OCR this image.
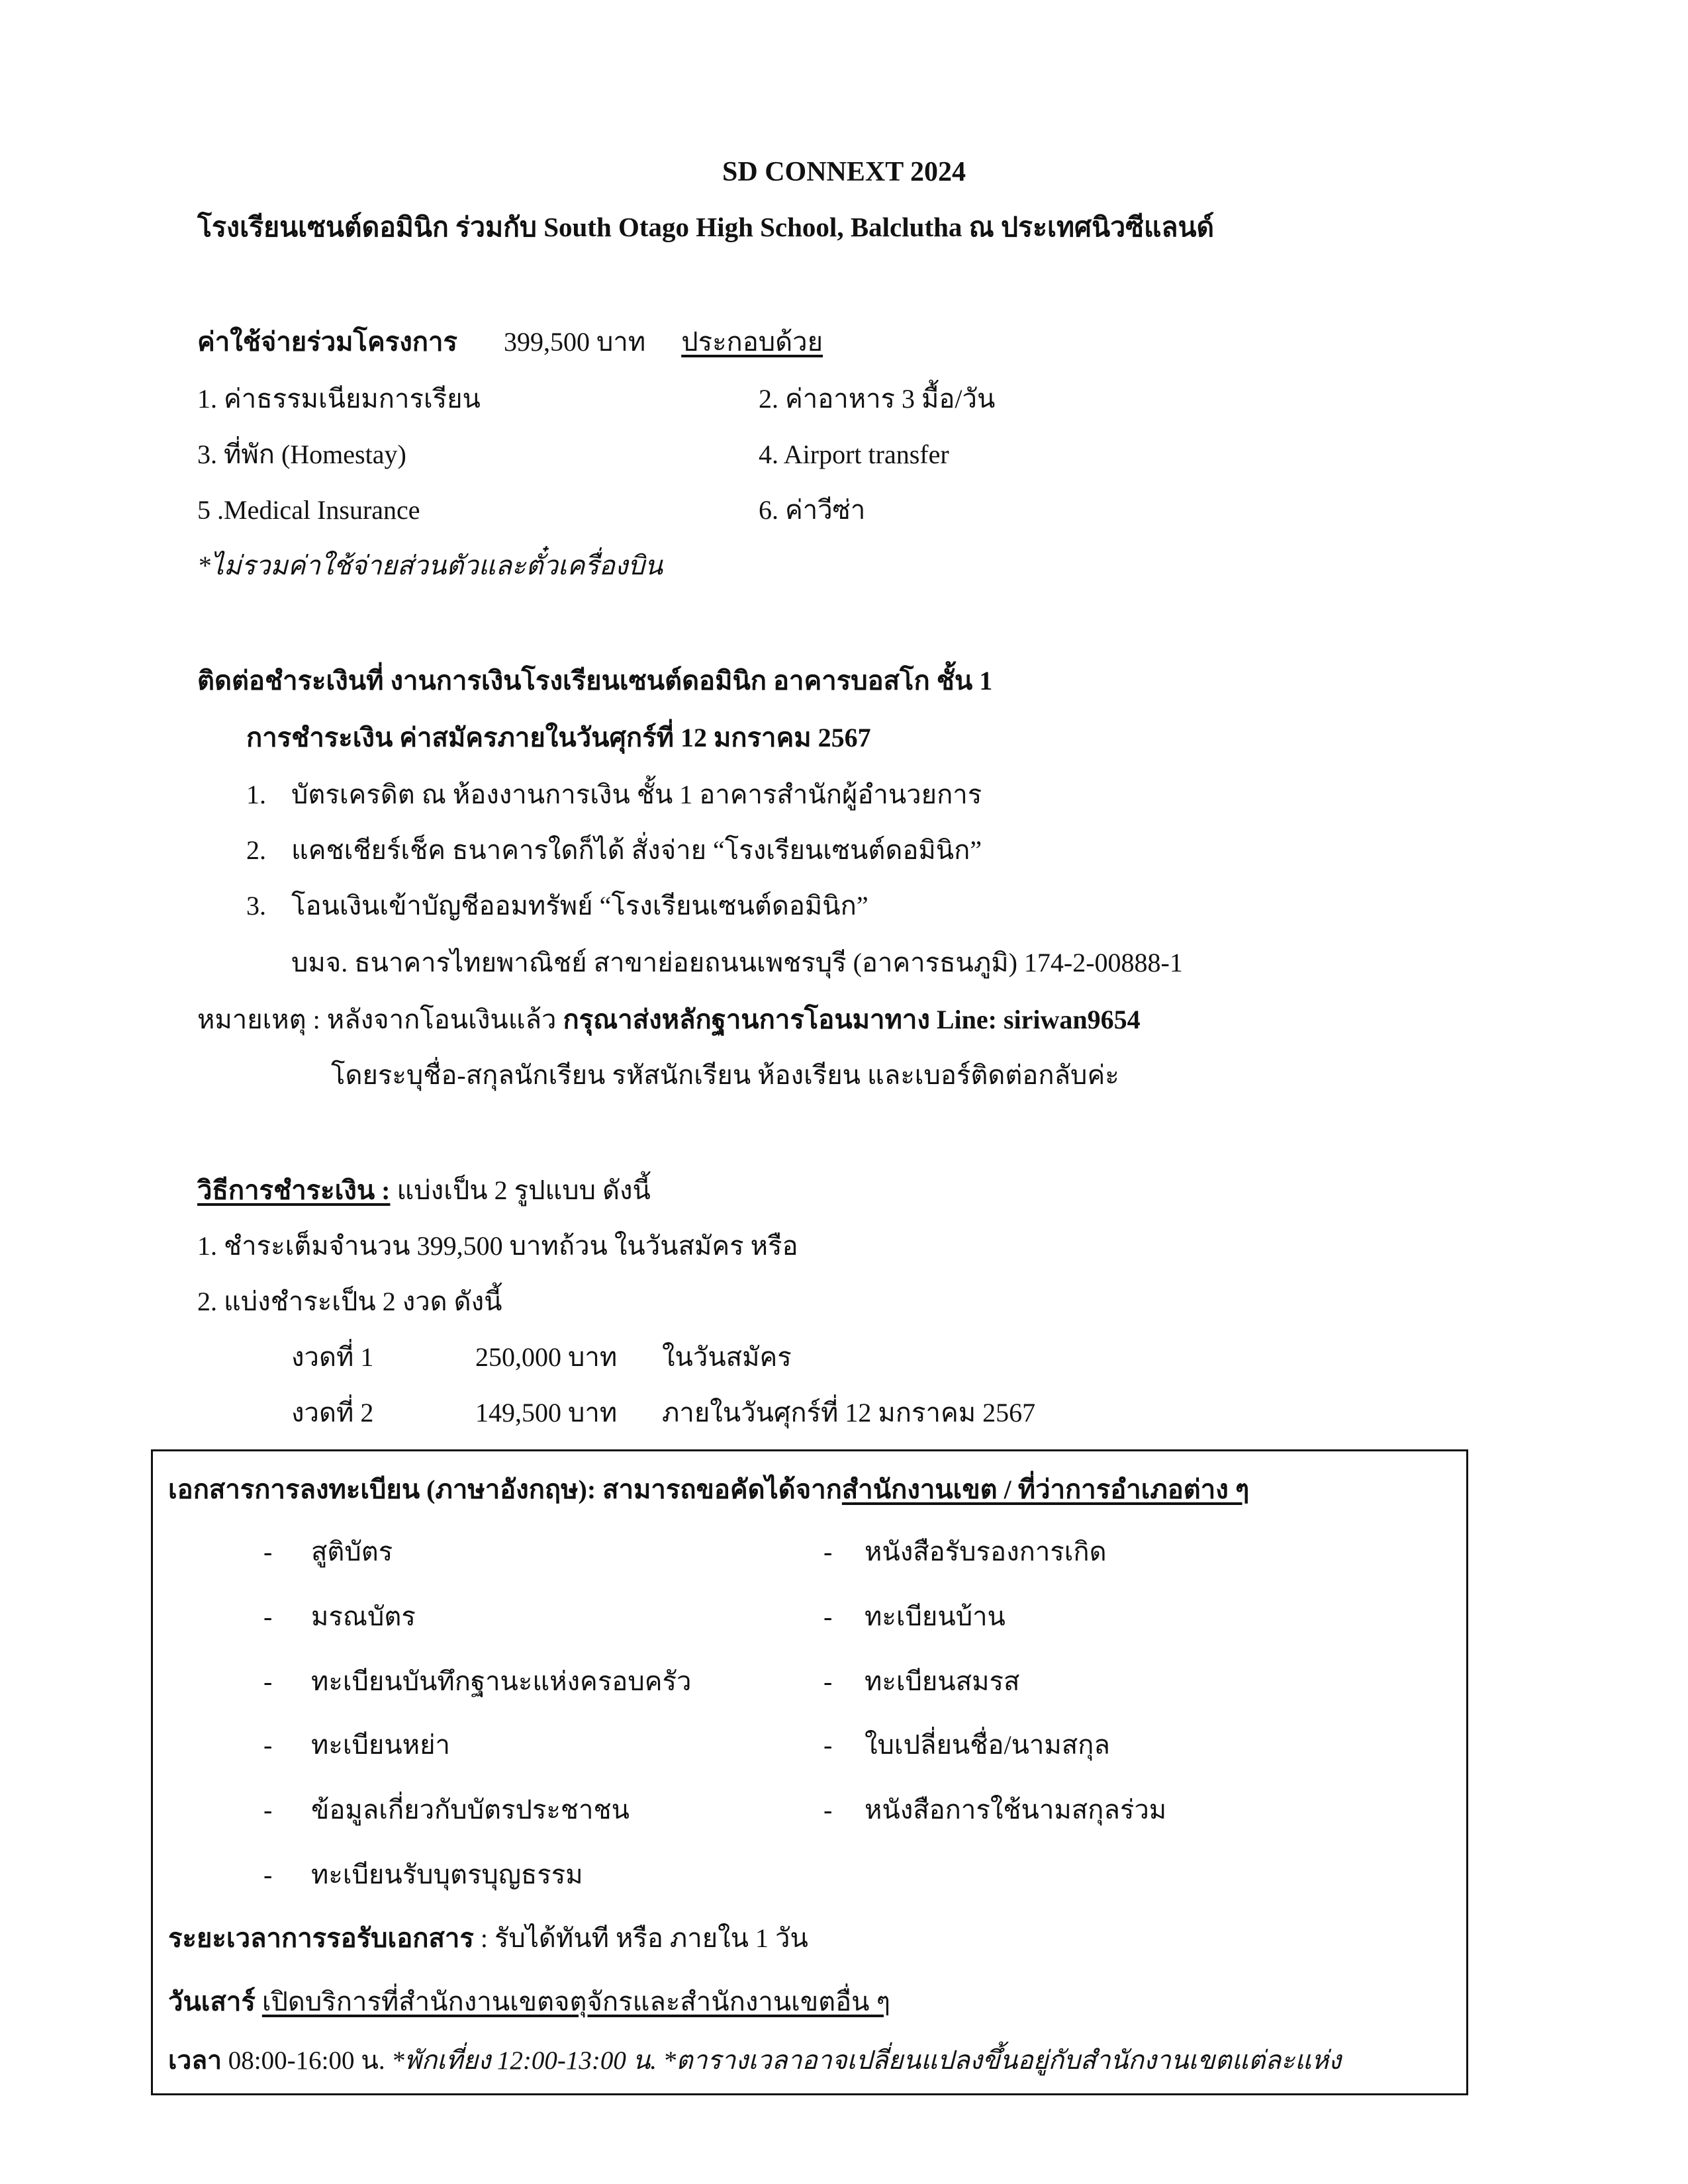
SD CONNEXT 2024
โรงเรียนเซนต์ดอมินิก ร่วมกับ South Otago High School, Balclutha ณ ประเทศนิวซีแลนด์
ค่าใช้จ่ายร่วมโครงการ 399,500 บาท ประกอบด้วย
1. ค่าธรรมเนียมการเรียน	2. ค่าอาหาร 3 มื้อ/วัน
3. ที่พัก (Homestay)	4. Airport transfer
5 .Medical Insurance	6. ค่าวีซ่า
*ไม่รวมค่าใช้จ่ายส่วนตัวและตั๋วเครื่องบิน
ติดต่อชำระเงินที่ งานการเงินโรงเรียนเซนต์ดอมินิก อาคารบอสโก ชั้น 1
การชำระเงิน ค่าสมัครภายในวันศุกร์ที่ 12 มกราคม 2567
1. บัตรเครดิต ณ ห้องงานการเงิน ชั้น 1 อาคารสำนักผู้อำนวยการ
2. แคชเชียร์เช็ค ธนาคารใดก็ได้ สั่งจ่าย “โรงเรียนเซนต์ดอมินิก”
3. โอนเงินเข้าบัญชีออมทรัพย์ “โรงเรียนเซนต์ดอมินิก”
บมจ. ธนาคารไทยพาณิชย์ สาขาย่อยถนนเพชรบุรี (อาคารธนภูมิ) 174-2-00888-1
หมายเหตุ : หลังจากโอนเงินแล้ว กรุณาส่งหลักฐานการโอนมาทาง Line: siriwan9654
โดยระบุชื่อ-สกุลนักเรียน รหัสนักเรียน ห้องเรียน และเบอร์ติดต่อกลับค่ะ
วิธีการชำระเงิน : แบ่งเป็น 2 รูปแบบ ดังนี้
1. ชำระเต็มจำนวน 399,500 บาทถ้วน ในวันสมัคร หรือ
2. แบ่งชำระเป็น 2 งวด ดังนี้
งวดที่ 1	250,000 บาท ในวันสมัคร
งวดที่ 2	149,500 บาท ภายในวันศุกร์ที่ 12 มกราคม 2567
เอกสารการลงทะเบียน (ภาษาอังกฤษ): สามารถขอคัดได้จากสำนักงานเขต / ที่ว่าการอำเภอต่าง ๆ
- สูติบัตร
- มรณบัตร
- ทะเบียนบันทึกฐานะแห่งครอบครัว
- ทะเบียนหย่า
- ข้อมูลเกี่ยวกับบัตรประชาชน
- ทะเบียนรับบุตรบุญธรรม
- หนังสือรับรองการเกิด
- ทะเบียนบ้าน
- ทะเบียนสมรส
- ใบเปลี่ยนชื่อ/นามสกุล
- หนังสือการใช้นามสกุลร่วม
ระยะเวลาการรอรับเอกสาร : รับได้ทันที หรือ ภายใน 1 วัน
วันเสาร์ เปิดบริการที่สำนักงานเขตจตุจักรและสำนักงานเขตอื่น ๆ
เวลา 08:00-16:00 น. *พักเที่ยง 12:00-13:00 น. *ตารางเวลาอาจเปลี่ยนแปลงขึ้นอยู่กับสำนักงานเขตแต่ละแห่ง
